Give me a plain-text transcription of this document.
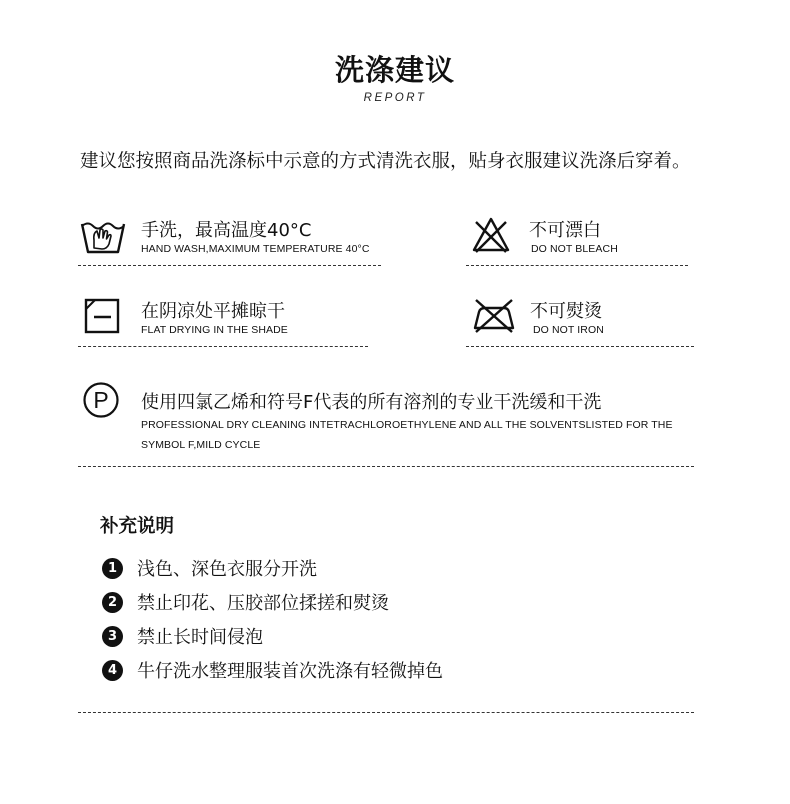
洗涤建议
REPORT
建议您按照商品洗涤标中示意的方式清洗衣服，贴身衣服建议洗涤后穿着。
手洗，最高温度40°C
HAND WASH,MAXIMUM TEMPERATURE 40°C
不可漂白
DO NOT BLEACH
在阴凉处平摊晾干
FLAT DRYING IN THE SHADE
不可熨烫
DO NOT IRON
P 使用四氯乙烯和符号F代表的所有溶剂的专业干洗缓和干洗
PROFESSIONAL DRY CLEANING INTETRACHLOROETHYLENE AND ALL THE SOLVENTSLISTED FOR THE
SYMBOL F,MILD CYCLE
补充说明
1	浅色、深色衣服分开洗
2	禁止印花、压胶部位揉搓和熨烫
3	禁止长时间侵泡
4	牛仔洗水整理服装首次洗涤有轻微掉色
